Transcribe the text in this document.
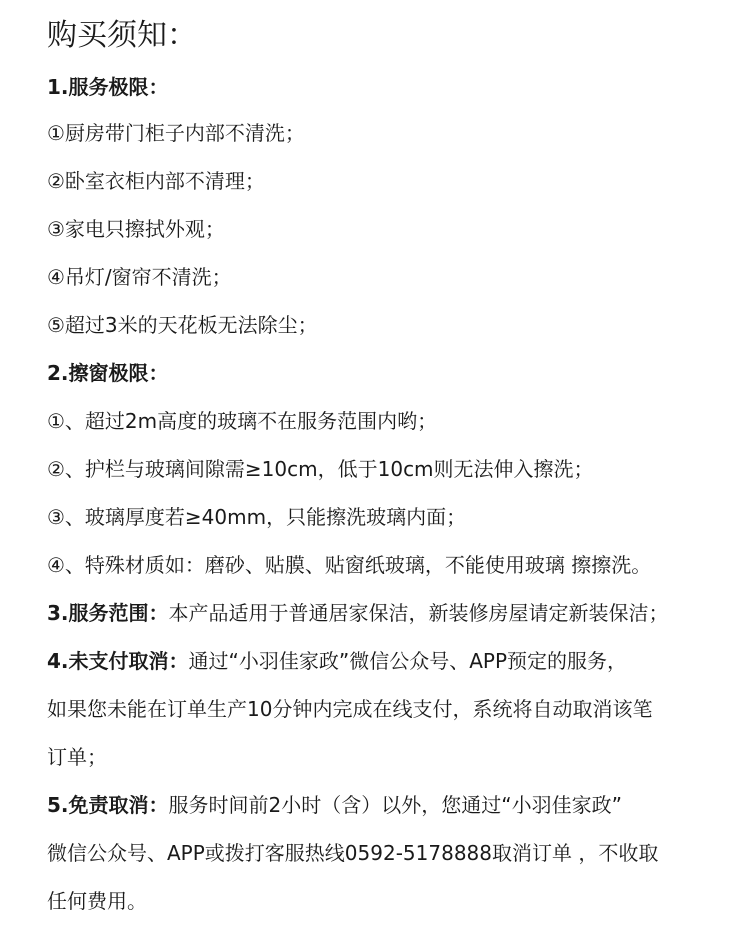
购买须知：
1.服务极限：
①厨房带门柜子内部不清洗；
②卧室衣柜内部不清理；
③家电只擦拭外观；
④吊灯/窗帘不清洗；
⑤超过3米的天花板无法除尘；
2.擦窗极限：
①、超过2m高度的玻璃不在服务范围内哟；
②、护栏与玻璃间隙需≥10cm，低于10cm则无法伸入擦洗；
③、玻璃厚度若≥40mm，只能擦洗玻璃内面；
④、特殊材质如：磨砂、贴膜、贴窗纸玻璃，不能使用玻璃 擦擦洗。
3.服务范围：本产品适用于普通居家保洁，新装修房屋请定新装保洁；
4.未支付取消：通过“小羽佳家政”微信公众号、APP预定的服务，
如果您未能在订单生产10分钟内完成在线支付，系统将自动取消该笔
订单；
5.免责取消：服务时间前2小时（含）以外，您通过“小羽佳家政”
微信公众号、APP或拨打客服热线0592-5178888取消订单 ，不收取
任何费用。
